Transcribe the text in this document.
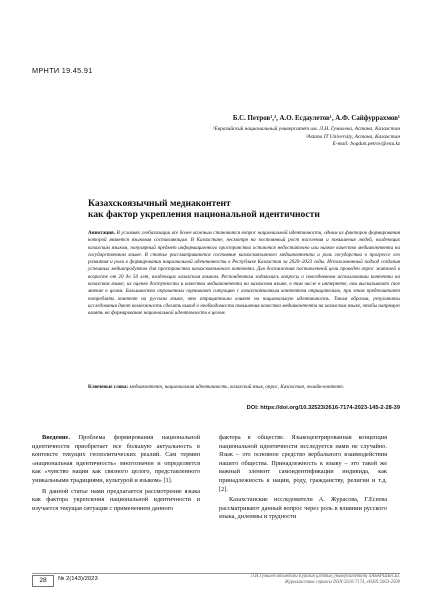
МРНТИ 19.45.91
Б.С. Петров¹,², А.О. Есдаулетов¹, А.Ф. Сайфуррахмов¹
¹Евразийский национальный университет им. Л.Н. Гумилева, Астана, Казахстан
²Astana IT University, Астана, Казахстан
E-mail: bogdan.petrov@enu.kz
Казахскоязычный медиаконтент
как фактор укрепления национальной идентичности
Аннотация. В условиях глобализации все более важным становится вопрос национальной идентичности, одним из факторов формирования которой является языковая составляющая. В Казахстане, несмотря на постоянный рост населения и повышения людей, владеющих казахским языком, популярный предмет информационного пространства остаются недостаточно или низкое качество медиаконтента на государственном языке. В статье рассматриваются состояние казахскоязычного медиаконтента и роль государства в прогрессе его развития и роли в формировании национальной идентичности в Республике Казахстан за 2020–2023 годы. Использованный подход создания успешных медиапродуктов для пространства казахскоязычного контента. Для достижения поставленной цели проведен опрос жителей в возрасте от 20 до 50 лет, владеющих казахским языком. Респондентам задавались вопросы о повседневном использовании контента на казахском языке, их оценке доступности и качества медиаконтента на казахском языке, в том числе в интернете, они высказывают свое мнение в целом. Большинство опрошенных оценивают ситуацию с казахскоязычным контентом отрицательно, при этом предпочитают потреблять контент на русском языке, что отрицательно влияет на национальную идентичность. Таким образом, результаты исследования дают возможность сделать вывод о необходимости повышения качества медиаконтента на казахском языке, чтобы напрямую влиять на формирование национальной идентичности в целом.
Ключевые слова: медиаконтент, национальная идентичность, казахский язык, опрос, Казахстан, онлайн-контент.
DOI: https://doi.org/10.32523/2616-7174-2023-145-2-28-39

Введение. Проблема формирования национальной идентичности приобретает все большую актуальность в контексте текущих геополитических реалий. Сам термин «национальная идентичность» многозначен и определяется как «чувство нации как связного целого, представленного уникальными традициями, культурой и языком» [1].

В данной статье нами предлагается рассмотрение языка как фактора укрепления национальной идентичности и изучается текущая ситуация с применением данного

фактора в обществе. Языкоцентрированная концепция национальной идентичности исследуется нами не случайно. Язык – это основное средство вербального взаимодействия нашего общества. Принадлежность к языку – это такой же важный элемент самоидентификации индивида, как принадлежность к нации, роду, гражданству, религии и т.д. [2].

Казахстанские исследователи А. Журасова, Г.Есеева рассматривают данный вопрос через роль в влиянии русского языка, дилеммы и трудности

28	№ 2(143)/2023	Л.Н.Гумилев атындағы Еуразия ұлттық университетінің ХАБАРШЫСЫ.
Журналистика сериясы ISSN:2616-7174, eISSN:2663-2500
